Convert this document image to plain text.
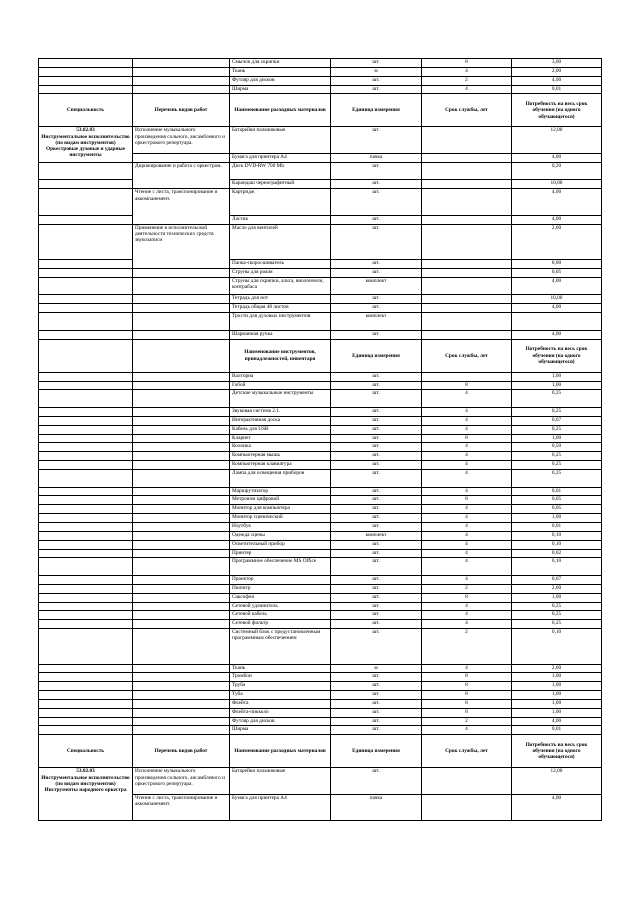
		Смычок для скрипки	шт.	8	3,00
		Ткань	м	4	2,00
		Футляр для дисков	шт.	2	4,00
		Ширма	шт.	4	0,01
Специальность	Перечень видов работ	Наименование расходных материалов	Единица измерения	Срок службы, лет	Потребность на весь срок обучения (на одного обучающегося)

53.02.03
Инструментальное исполнительство (по видам инструментов)
Оркестровые духовые и ударные инструменты	Исполнение музыкального произведения сольного, ансамблевого и оркестрового репертуара.	Батарейки пальчиковые	шт.		12,00
		Бумага для принтера А4	пачка		4,00
	Дирижирование и работа с оркестром.	Диск DVD-RW 700 Mb	шт.		0,20
		Карандаш чернографитный	шт.		10,00
	Чтение с листа, транспонирование и аккомпанемент.	Картридж	шт.		4,00
		Ластик	шт.		4,00
	Применение в исполнительской деятельности технических средств звукозаписи	Масло для вентилей	шт.		2,00
		Папка-скоросшиватель	шт.		8,00
		Струны для рояля	шт.		0,05
		Струны для скрипки, альта, виолончели, контрабаса	комплект		4,00
		Тетрадь для нот	шт.		10,00
		Тетрадь общая 48 листов	шт.		4,00
		Трости для духовых инструментов	комплект		
		Шарманная ручка	шт.		4,00
		Наименование инструментов, принадлежностей, инвентаря	Единица измерения	Срок службы, лет	Потребность на весь срок обучения (на одного обучающегося)
		Валторна	шт.		1,00
		Гобой	шт.	8	1,00
		Детские музыкальные инструменты	шт.	4	0,25
		Звуковая система 2.1.	шт.	4	0,25
		Интерактивная доска	шт.	4	0,07
		Кабель для USB	шт.	4	0,25
		Кларнет	шт.	8	1,00
		Колонка	шт.	4	0,50
		Компьютерная мышь	шт.	4	0,25
		Компьютерная клавиатура	шт.	4	0,25
		Лампа для освещения приборов	шт.	4	0,25
		Маршрутизатор	шт.	4	0,01
		Метроном цифровой	шт.	8	0,05
		Монитор для компьютера	шт.	4	0,05
		Монитор сценический	шт.	4	1,00
		Ноутбук	шт.	4	0,01
		Одежда сцены	комплект	4	0,10
		Осветительный прибор	шт.	4	0,10
		Принтер	шт.	4	0,02
		Программное обеспечение MS Office	шт.	4	0,10
		Проектор	шт.	4	0,07
		Пюпитр	шт.	2	2,00
		Саксофон	шт.	8	1,00
		Сетевой удлинитель	шт.	4	0,25
		Сетевой кабель	шт.	4	0,25
		Сетевой фильтр	шт.	4	0,25
		Системный блок с предустановленным программным обеспечением	шт.	2	0,10
		Ткань	м	4	2,00
		Тромбон	шт.	8	1,00
		Труба	шт.	8	1,00
		Туба	шт.	8	1,00
		Флейта	шт.	8	1,00
		Флейта-пикколо	шт.	8	1,00
		Футляр для дисков	шт.	2	4,00
		Ширма	шт.	4	0,01
Специальность	Перечень видов работ	Наименование расходных материалов	Единица измерения	Срок службы, лет	Потребность на весь срок обучения (на одного обучающегося)

53.02.03
Инструментальное исполнительство (по видам инструментов)
Инструменты народного оркестра	Исполнение музыкального произведения сольного, ансамблевого и оркестрового репертуара.	Батарейки пальчиковые	шт.		12,00
	Чтение с листа, транспонирование и аккомпанемент.	Бумага для принтера А4	пачка		4,00
